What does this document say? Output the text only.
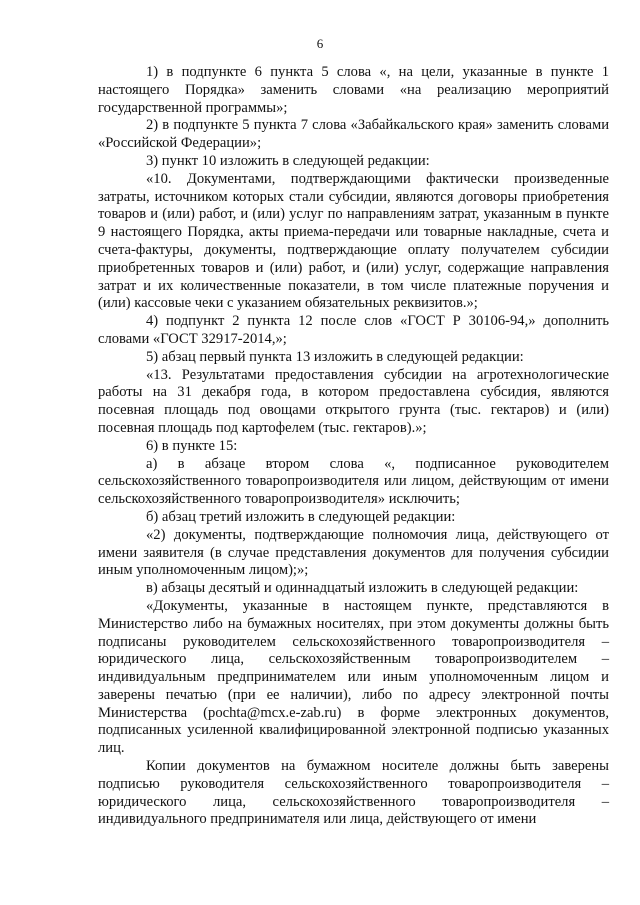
6

1) в подпункте 6 пункта 5 слова «, на цели, указанные в пункте 1 настоящего Порядка» заменить словами «на реализацию мероприятий государственной программы»;

2) в подпункте 5 пункта 7 слова «Забайкальского края» заменить словами «Российской Федерации»;

3) пункт 10 изложить в следующей редакции:

«10. Документами, подтверждающими фактически произведенные затраты, источником которых стали субсидии, являются договоры приобретения товаров и (или) работ, и (или) услуг по направлениям затрат, указанным в пункте 9 настоящего Порядка, акты приема-передачи или товарные накладные, счета и счета-фактуры, документы, подтверждающие оплату получателем субсидии приобретенных товаров и (или) работ, и (или) услуг, содержащие направления затрат и их количественные показатели, в том числе платежные поручения и (или) кассовые чеки с указанием обязательных реквизитов.»;

4) подпункт 2 пункта 12 после слов «ГОСТ Р 30106-94,» дополнить словами «ГОСТ 32917-2014,»;

5) абзац первый пункта 13 изложить в следующей редакции:

«13. Результатами предоставления субсидии на агротехнологические работы на 31 декабря года, в котором предоставлена субсидия, являются посевная площадь под овощами открытого грунта (тыс. гектаров) и (или) посевная площадь под картофелем (тыс. гектаров).»;

6) в пункте 15:

а) в абзаце втором слова «, подписанное руководителем сельскохозяйственного товаропроизводителя или лицом, действующим от имени сельскохозяйственного товаропроизводителя» исключить;

б) абзац третий изложить в следующей редакции:

«2) документы, подтверждающие полномочия лица, действующего от имени заявителя (в случае представления документов для получения субсидии иным уполномоченным лицом);»;

в) абзацы десятый и одиннадцатый изложить в следующей редакции:

«Документы, указанные в настоящем пункте, представляются в Министерство либо на бумажных носителях, при этом документы должны быть подписаны руководителем сельскохозяйственного товаропроизводителя – юридического лица, сельскохозяйственным товаропроизводителем – индивидуальным предпринимателем или иным уполномоченным лицом и заверены печатью (при ее наличии), либо по адресу электронной почты Министерства (pochta@mcx.e-zab.ru) в форме электронных документов, подписанных усиленной квалифицированной электронной подписью указанных лиц.

Копии документов на бумажном носителе должны быть заверены подписью руководителя сельскохозяйственного товаропроизводителя – юридического лица, сельскохозяйственного товаропроизводителя – индивидуального предпринимателя или лица, действующего от имени
